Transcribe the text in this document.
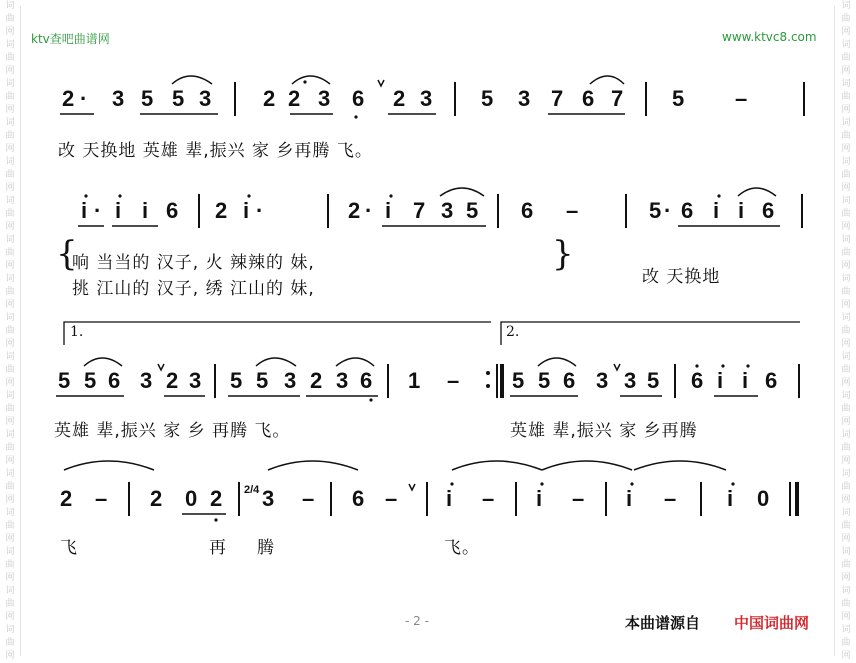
词
曲
网
词
曲
网
词
曲
网
词
曲
网
词
曲
网
词
曲
网
词
曲
网
词
曲
网
词
曲
网
词
曲
网
词
曲
网
词
曲
网
词
曲
网
词
曲
网
词
曲
网
词
曲
网
词
曲
网
词
曲
网
词
曲
网
词
曲
网
词
曲
网
词
曲
网
词
曲
网
词
曲
网
词
曲
网
词
曲
网
词
曲
网
词
曲
网
词
曲
网
词
曲
网
词
曲
网
词
曲
网
词
曲
网
词
曲
网
ktv查吧曲谱网	www.ktvc8.com
2 · 3 5 5 3 2 2 3 6 2 3 5 3 7 6 7 5 –
改 天换地 英雄 辈,振兴 家 乡再腾 飞。
i · i i 6 2 i ·	2 · i 7 3 5 6 –	5 · 6 i i 6
{	}
响 当当的 汉子, 火 辣辣的 妹,
挑 江山的 汉子, 绣 江山的 妹,
改 天换地
1.	2.
5 5 6 3 2 3 5 5 3 2 3 6 1 – 5 5 6 3 3 5 6 i i 6
英雄 辈,振兴 家 乡 再腾 飞。	英雄 辈,振兴 家 乡再腾
2 – 2 0 2 2/4 3 – 6 – i – i – i – i 0
飞	再 腾	飞。
- 2 -	本曲谱源自 中国词曲网
